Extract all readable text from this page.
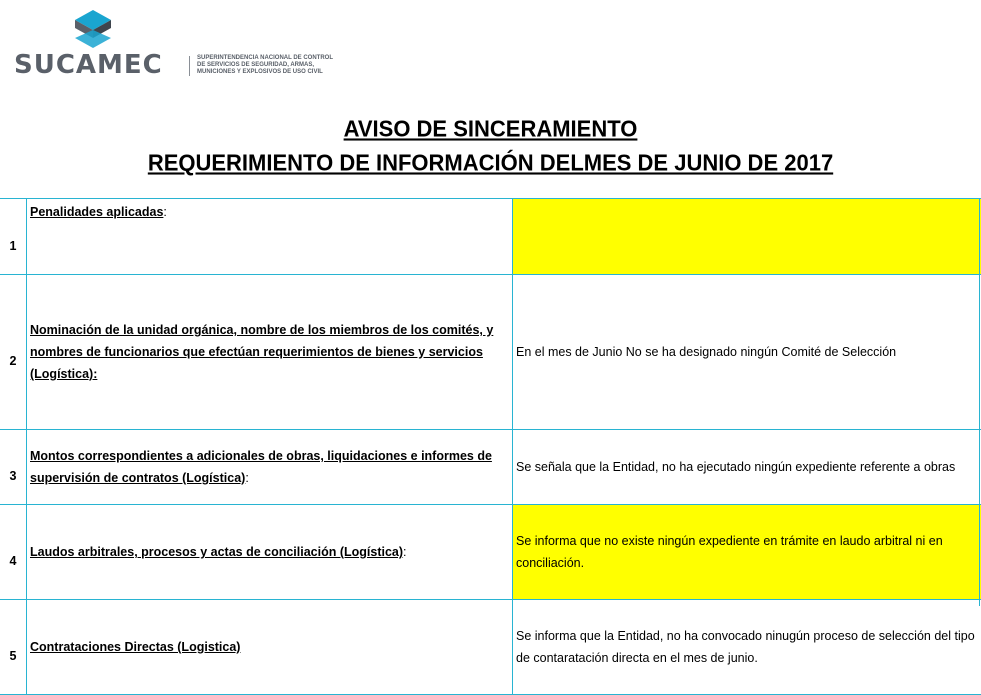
SUCAMEC	SUPERINTENDENCIA NACIONAL DE CONTROL
DE SERVICIOS DE SEGURIDAD, ARMAS,
MUNICIONES Y EXPLOSIVOS DE USO CIVIL
AVISO DE SINCERAMIENTO
REQUERIMIENTO DE INFORMACIÓN DELMES DE JUNIO DE 2017
1	Penalidades aplicadas:	
2	Nominación de la unidad orgánica, nombre de los miembros de los comités, y nombres de funcionarios que efectúan requerimientos de bienes y servicios (Logística):	En el mes de Junio No se ha designado ningún Comité de Selección
3	Montos correspondientes a adicionales de obras, liquidaciones e informes de supervisión de contratos (Logística):	Se señala que la Entidad, no ha ejecutado ningún expediente referente a obras
4	Laudos arbitrales, procesos y actas de conciliación (Logística):	Se informa que no existe ningún expediente en trámite en laudo arbitral ni en conciliación.
5	Contrataciones Directas (Logistica)	Se informa que la Entidad, no ha convocado ninugún proceso de selección del tipo de contaratación directa en el mes de junio.
